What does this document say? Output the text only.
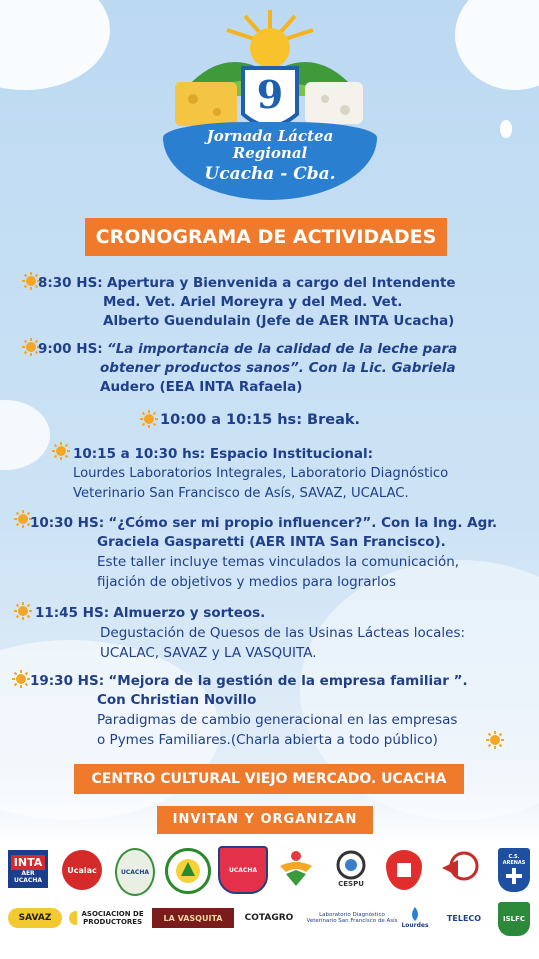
9
Jornada Láctea
Regional
Ucacha - Cba.
CRONOGRAMA DE ACTIVIDADES
8:30 HS: Apertura y Bienvenida a cargo del Intendente
Med. Vet. Ariel Moreyra y del Med. Vet.
Alberto Guendulain (Jefe de AER INTA Ucacha)
9:00 HS: “La importancia de la calidad de la leche para
obtener productos sanos”. Con la Lic. Gabriela
Audero (EEA INTA Rafaela)
10:00 a 10:15 hs: Break.
10:15 a 10:30 hs: Espacio Institucional:
Lourdes Laboratorios Integrales, Laboratorio Diagnóstico
Veterinario San Francisco de Asís, SAVAZ, UCALAC.
10:30 HS: “¿Cómo ser mi propio influencer?”. Con la Ing. Agr.
Graciela Gasparetti (AER INTA San Francisco).
Este taller incluye temas vinculados la comunicación,
fijación de objetivos y medios para lograrlos
11:45 HS: Almuerzo y sorteos.
Degustación de Quesos de las Usinas Lácteas locales:
UCALAC, SAVAZ y LA VASQUITA.
19:30 HS: “Mejora de la gestión de la empresa familiar ”.
Con Christian Novillo
Paradigmas de cambio generacional en las empresas
o Pymes Familiares.(Charla abierta a todo público)
CENTRO CULTURAL VIEJO MERCADO. UCACHA
INVITAN Y ORGANIZAN
INTA
AER UCACHA
Ucalac	UCACHA	UCACHA
CESPU
C.S. ARENAS
SAVAZ	ASOCIACION DE PRODUCTORES	LA VASQUITA COTAGRO	Laboratorio Diagnóstico Veterinario San Francisco de Asís
Lourdes
TELECO	ISLFC
